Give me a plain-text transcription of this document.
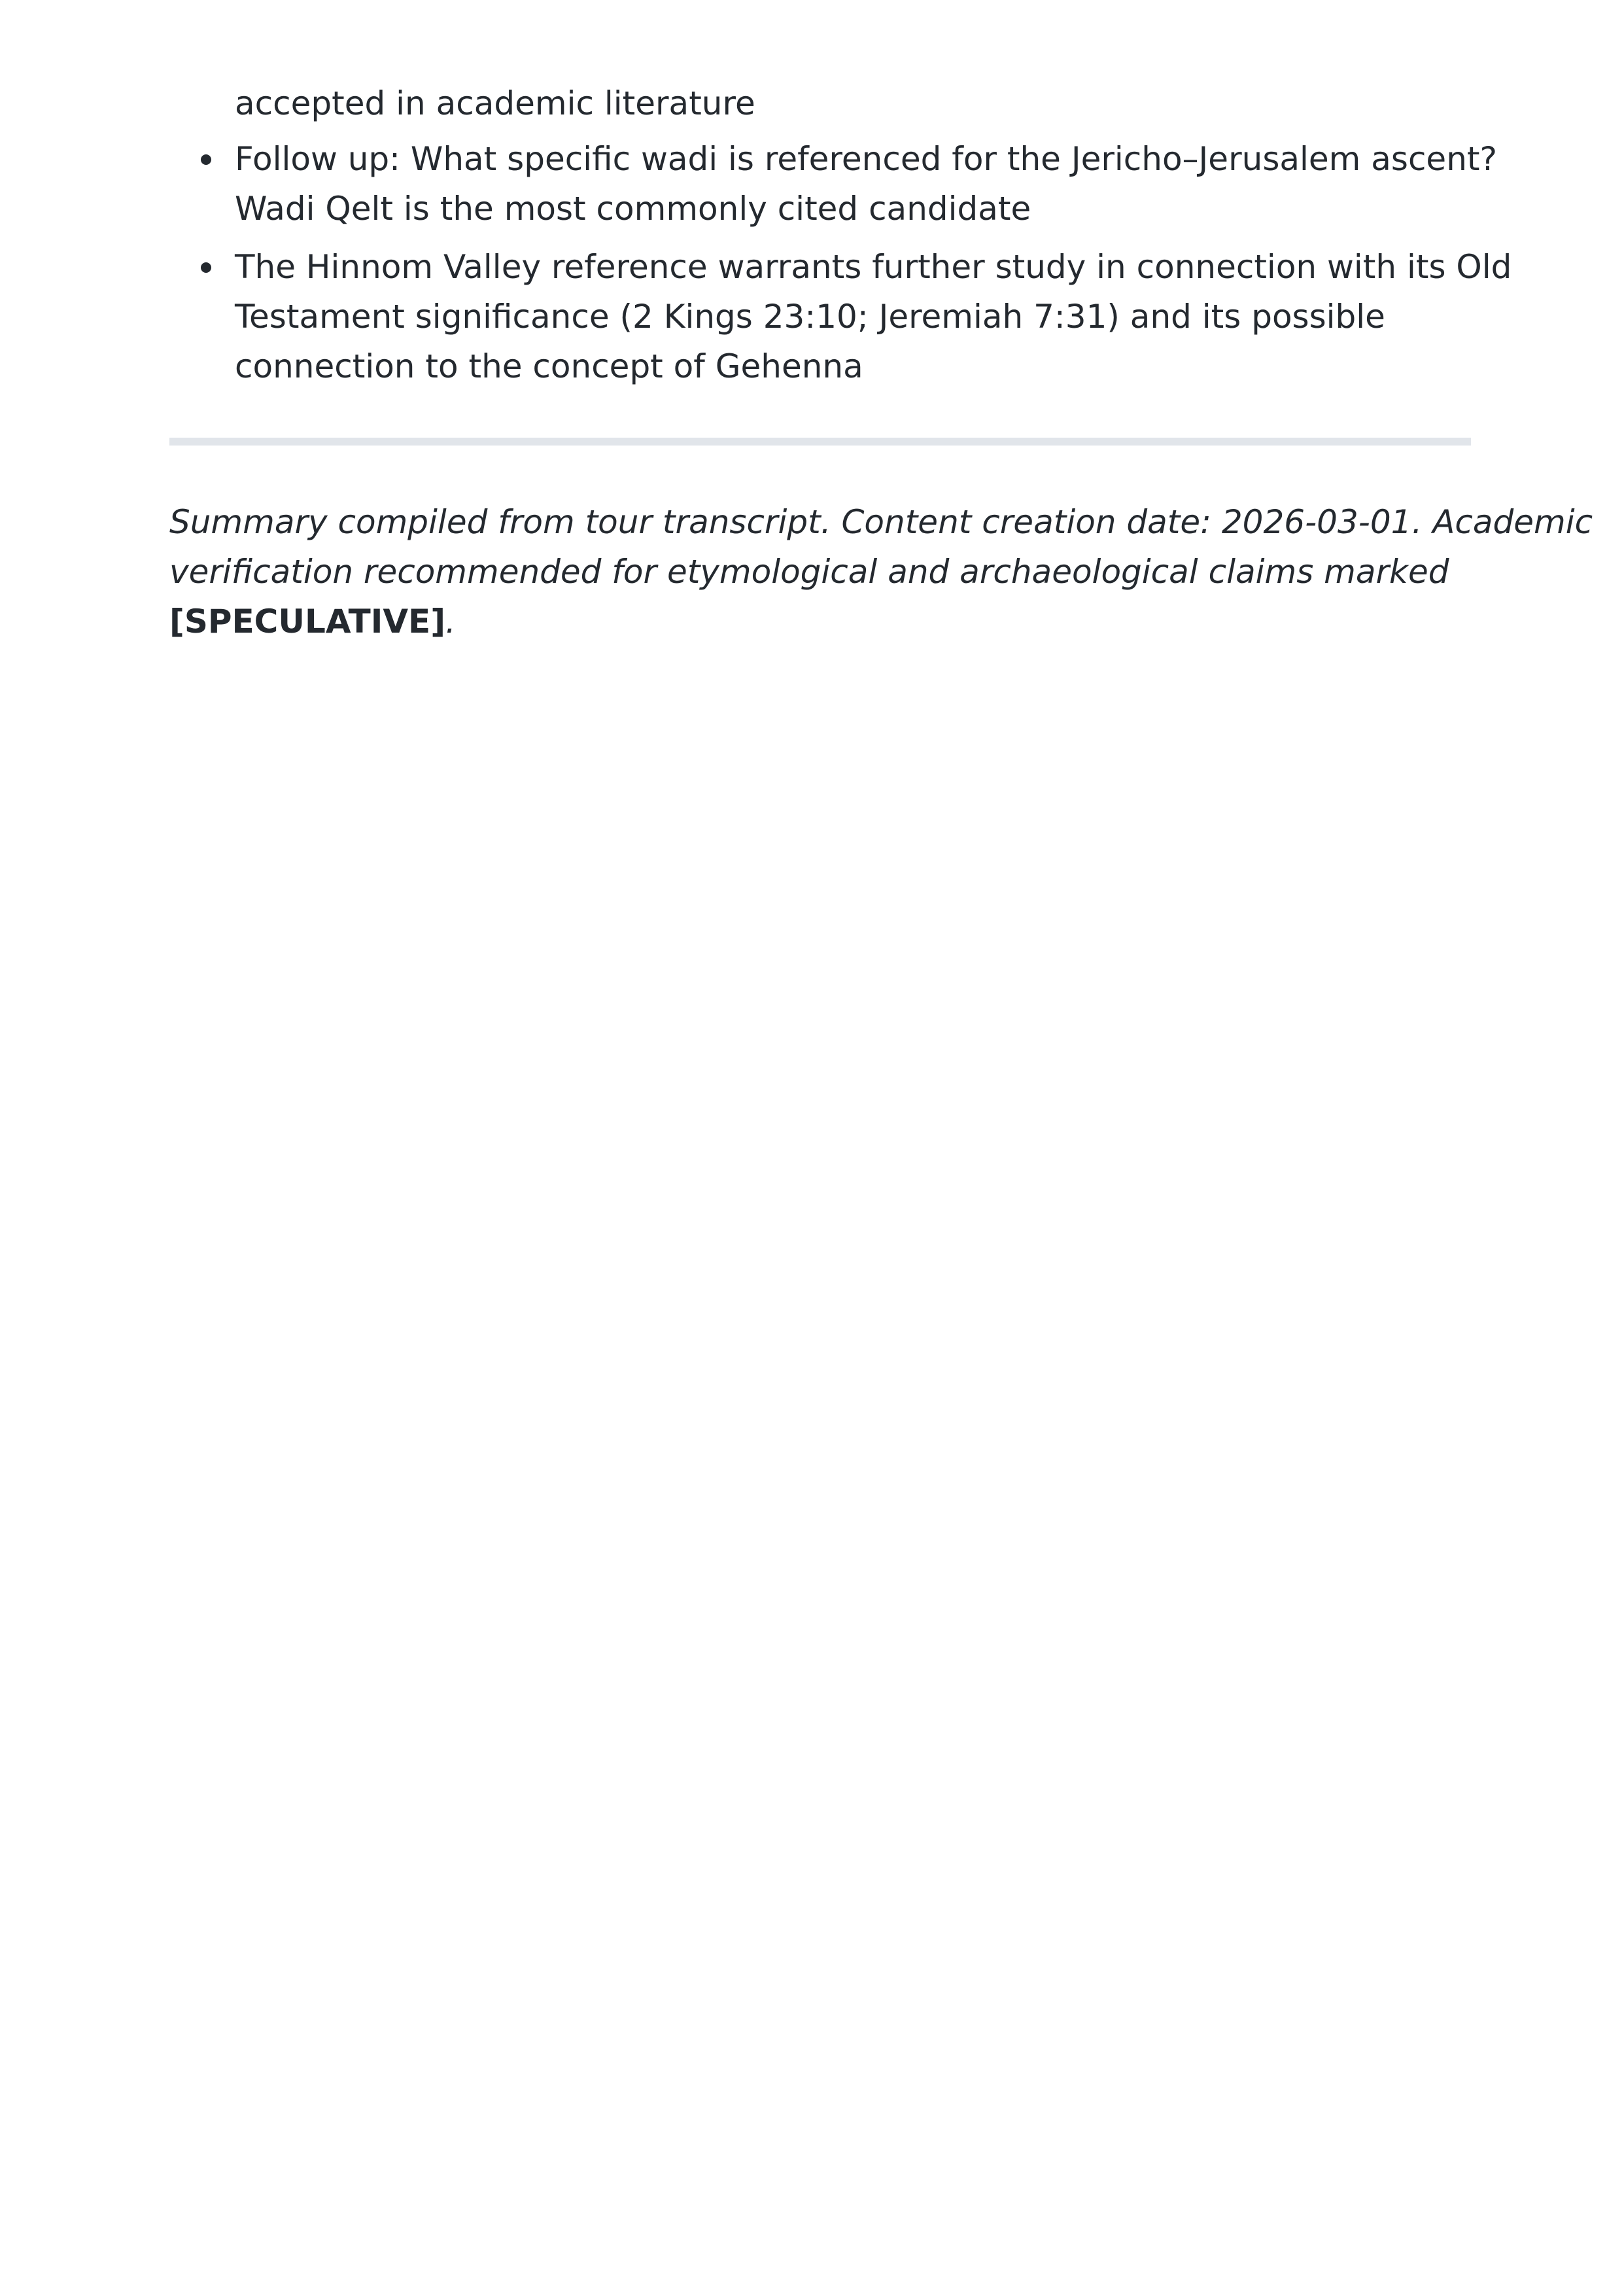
accepted in academic literature
Follow up: What specific wadi is referenced for the Jericho–Jerusalem ascent?
Wadi Qelt is the most commonly cited candidate
The Hinnom Valley reference warrants further study in connection with its Old
Testament significance (2 Kings 23:10; Jeremiah 7:31) and its possible
connection to the concept of Gehenna
Summary compiled from tour transcript. Content creation date: 2026-03-01. Academic
verification recommended for etymological and archaeological claims marked
[SPECULATIVE].
